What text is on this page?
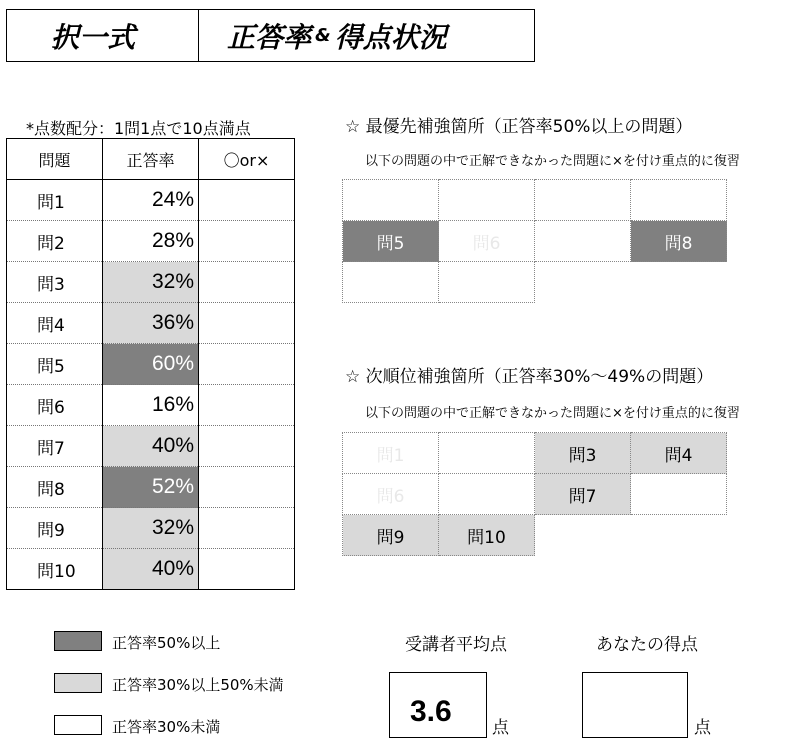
択一式	正答率 & 得点状況
*点数配分：1問1点で10点満点
問題	正答率	〇or×
問1	24%	
問2	28%	
問3	32%	
問4	36%	
問5	60%	
問6	16%	
問7	40%	
問8	52%	
問9	32%	
問10	40%	
☆ 最優先補強箇所（正答率50%以上の問題）
以下の問題の中で正解できなかった問題に×を付け重点的に復習

問5	問6		問8

☆ 次順位補強箇所（正答率30%～49%の問題）
以下の問題の中で正解できなかった問題に×を付け重点的に復習
問1		問3	問4
問6		問7	
問9	問10		
正答率50%以上
正答率30%以上50%未満
正答率30%未満
受講者平均点
3.6 点
あなたの得点
点
